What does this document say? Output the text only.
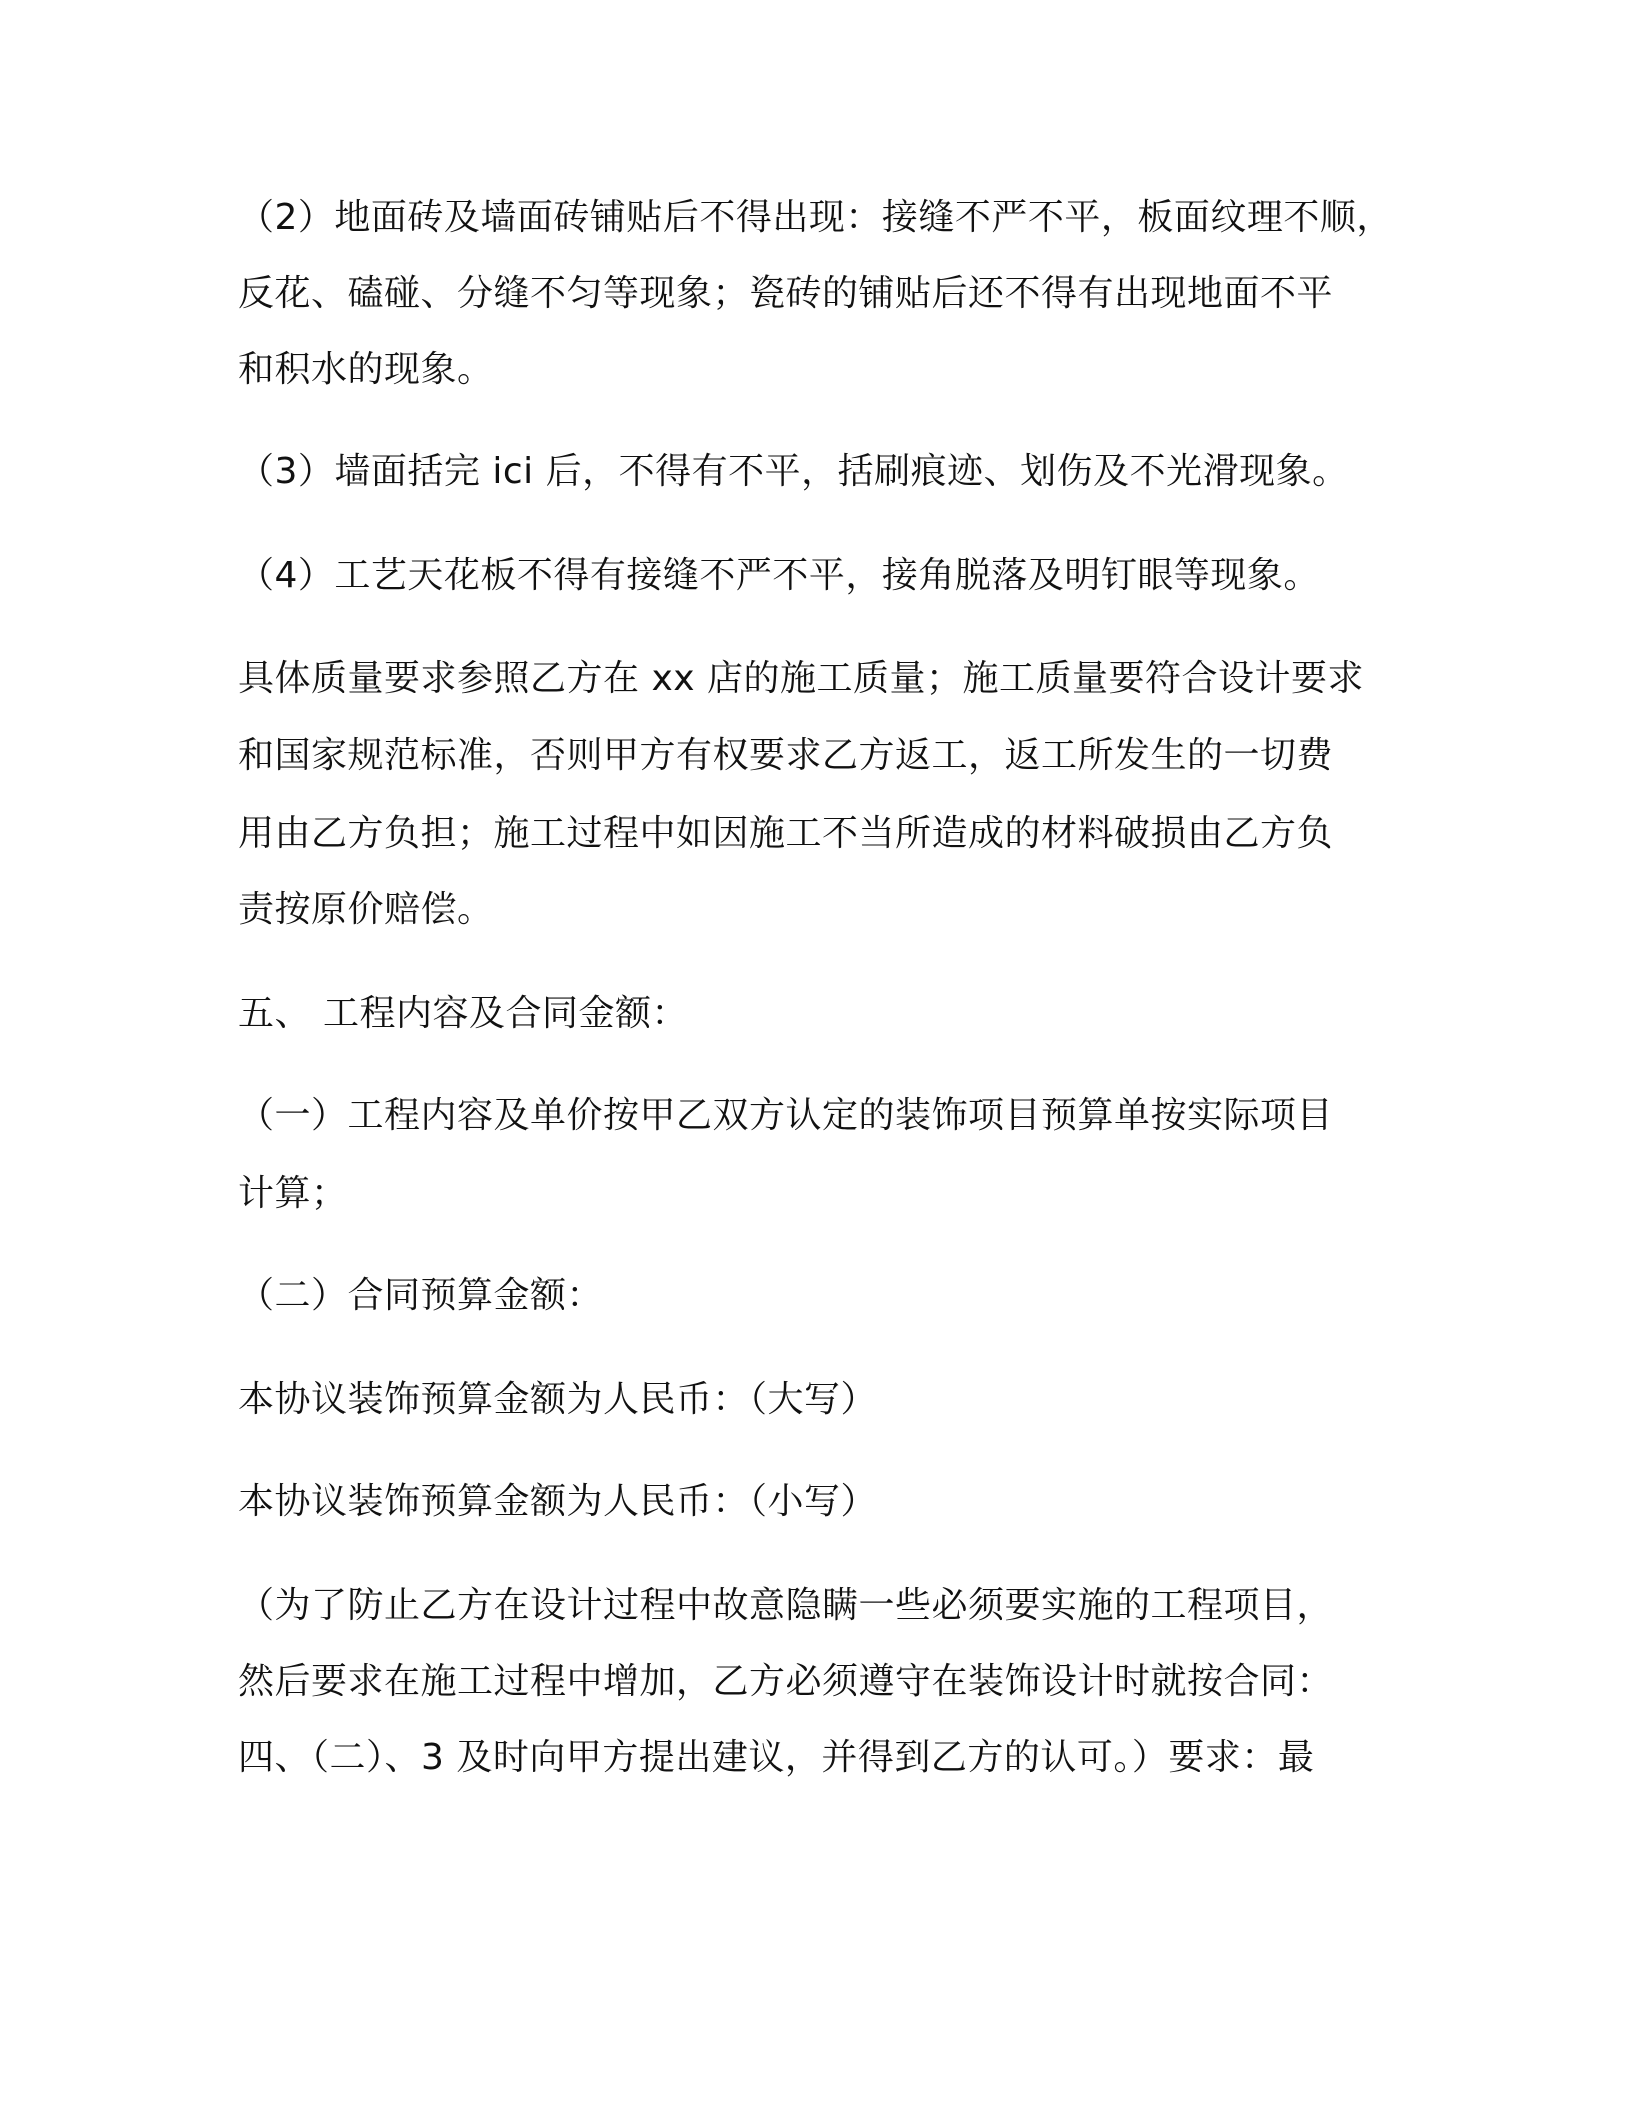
（2）地面砖及墙面砖铺贴后不得出现：接缝不严不平，板面纹理不顺，
反花、磕碰、分缝不匀等现象；瓷砖的铺贴后还不得有出现地面不平
和积水的现象。
（3）墙面括完 ici 后，不得有不平，括刷痕迹、划伤及不光滑现象。
（4）工艺天花板不得有接缝不严不平，接角脱落及明钉眼等现象。
具体质量要求参照乙方在 xx 店的施工质量；施工质量要符合设计要求
和国家规范标准，否则甲方有权要求乙方返工，返工所发生的一切费
用由乙方负担；施工过程中如因施工不当所造成的材料破损由乙方负
责按原价赔偿。
五、 工程内容及合同金额：
（一）工程内容及单价按甲乙双方认定的装饰项目预算单按实际项目
计算；
（二）合同预算金额：
本协议装饰预算金额为人民币：（大写）
本协议装饰预算金额为人民币：（小写）
（为了防止乙方在设计过程中故意隐瞒一些必须要实施的工程项目，
然后要求在施工过程中增加，乙方必须遵守在装饰设计时就按合同：
四、（二）、3 及时向甲方提出建议，并得到乙方的认可。）要求：最
